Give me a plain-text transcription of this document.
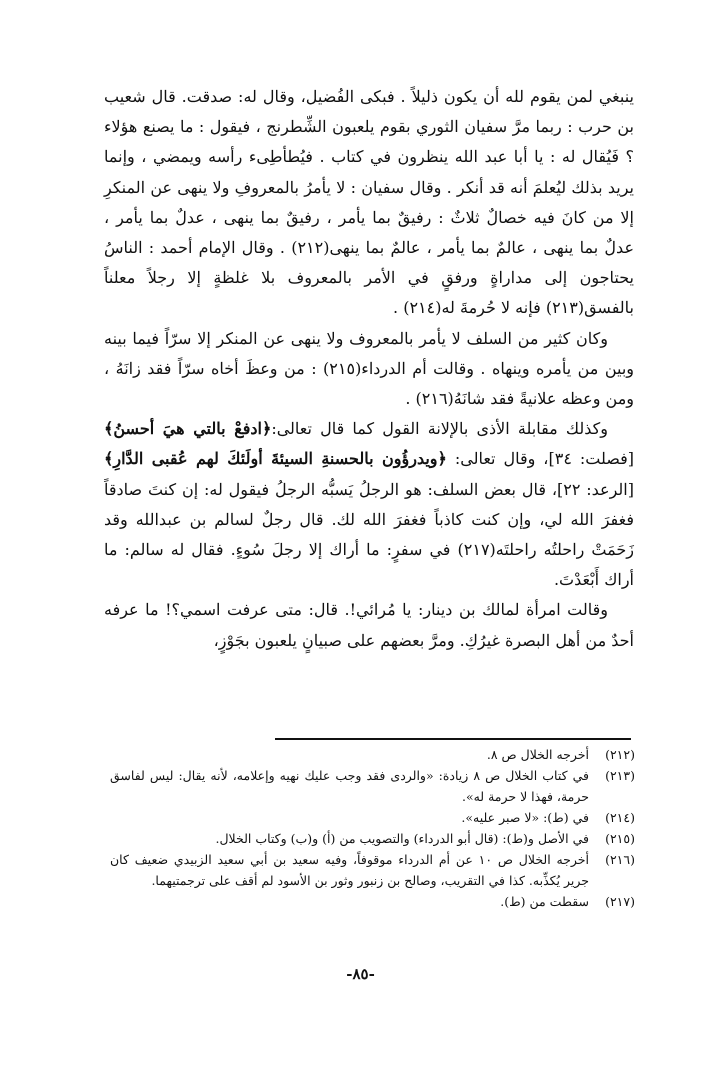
ينبغي لمن يقوم لله أن يكون ذليلاً . فبكى الفُضيل، وقال له: صدقت. قال شعيب بن حرب : ربما مرَّ سفيان الثوري بقوم يلعبون الشِّطرنج ، فيقول : ما يصنع هؤلاء ؟ فَيُقال له : يا أبا عبد الله ينظرون في كتاب . فيُطأطِىء رأسه ويمضي ، وإنما يريد بذلك ليُعلمَ أنه قد أنكر . وقال سفيان : لا يأمرُ بالمعروفِ ولا ينهى عن المنكرِ إلا من كانَ فيه خصالٌ ثلاثٌ : رفيقٌ بما يأمر ، رفيقٌ بما ينهى ، عدلٌ بما يأمر ، عدلٌ بما ينهى ، عالمٌ بما يأمر ، عالمٌ بما ينهى(٢١٢) . وقال الإمام أحمد : الناسُ يحتاجون إلى مداراةٍ ورفقٍ في الأمر بالمعروف بلا غلظةٍ إلا رجلاً معلناً بالفسق(٢١٣) فإنه لا حُرمةَ له(٢١٤) .

وكان كثير من السلف لا يأمر بالمعروف ولا ينهى عن المنكر إلا سرّاً فيما بينه وبين من يأمره وينهاه . وقالت أم الدرداء(٢١٥) : من وعظَ أخاه سرّاً فقد زانَهُ ، ومن وعظه علانيةً فقد شانَهُ(٢١٦) .

وكذلك مقابلة الأذى بالإلانة القول كما قال تعالى:﴿ادفعْ بالتي هيَ أحسنُ﴾ [فصلت: ٣٤]، وقال تعالى: ﴿ويدرؤُون بالحسنةِ السيئةَ أولَئكَ لهم عُقبى الدَّارِ﴾ [الرعد: ٢٢]، قال بعض السلف: هو الرجلُ يَسبُّه الرجلُ فيقول له: إن كنتَ صادقاً فغفرَ الله لي، وإن كنت كاذباً فغفرَ الله لك. قال رجلٌ لسالم بن عبدالله وقد زَحَمَتْ راحلتُه راحلتَه(٢١٧) في سفرٍ: ما أراك إلا رجلَ سُوءٍ. فقال له سالم: ما أراك أَبْعَدْتَ.

وقالت امرأة لمالك بن دينار: يا مُرائي!. قال: متى عرفت اسمي؟! ما عرفه أحدٌ من أهل البصرة غيرُكِ. ومرَّ بعضهم على صبيانٍ يلعبون بجَوْزٍ،

(٢١٢)
أخرجه الخلال ص ٨.
(٢١٣)
في كتاب الخلال ص ٨ زيادة: «والردى فقد وجب عليك نهيه وإعلامه، لأنه يقال: ليس لفاسق حرمة، فهذا لا حرمة له».
(٢١٤)
في (ط): «لا صبر عليه».
(٢١٥)
في الأصل و(ط): (قال أبو الدرداء) والتصويب من (أ) و(ب) وكتاب الخلال.
(٢١٦)
أخرجه الخلال ص ١٠ عن أم الدرداء موقوفاً، وفيه سعيد بن أبي سعيد الزبيدي ضعيف كان جرير يُكذِّبه. كذا في التقريب، وصالح بن زنبور وثور بن الأسود لم أقف على ترجمتيهما.
(٢١٧)
سقطت من (ط).
-٨٥-
